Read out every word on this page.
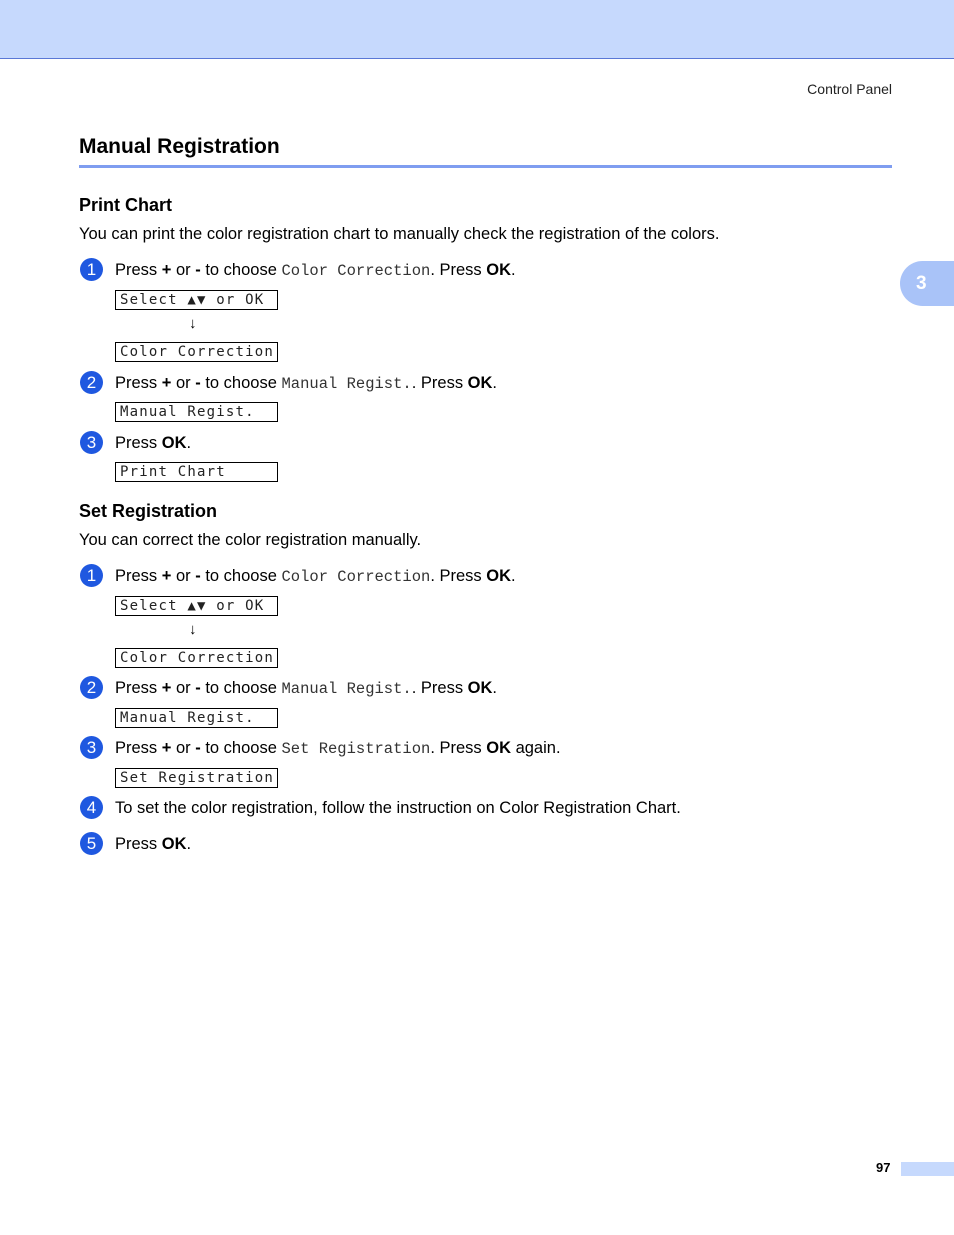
Control Panel
3
Manual Registration
Print Chart

You can print the color registration chart to manually check the registration of the colors.

1	Press + or - to choose Color Correction. Press OK.

Select ▲▼ or OK
↓
Color Correction
2	Press + or - to choose Manual Regist.. Press OK.

Manual Regist.
3	Press OK.

Print Chart
Set Registration

You can correct the color registration manually.

1	Press + or - to choose Color Correction. Press OK.

Select ▲▼ or OK
↓
Color Correction
2	Press + or - to choose Manual Regist.. Press OK.

Manual Regist.
3	Press + or - to choose Set Registration. Press OK again.

Set Registration
4	To set the color registration, follow the instruction on Color Registration Chart.

5	Press OK.

97
